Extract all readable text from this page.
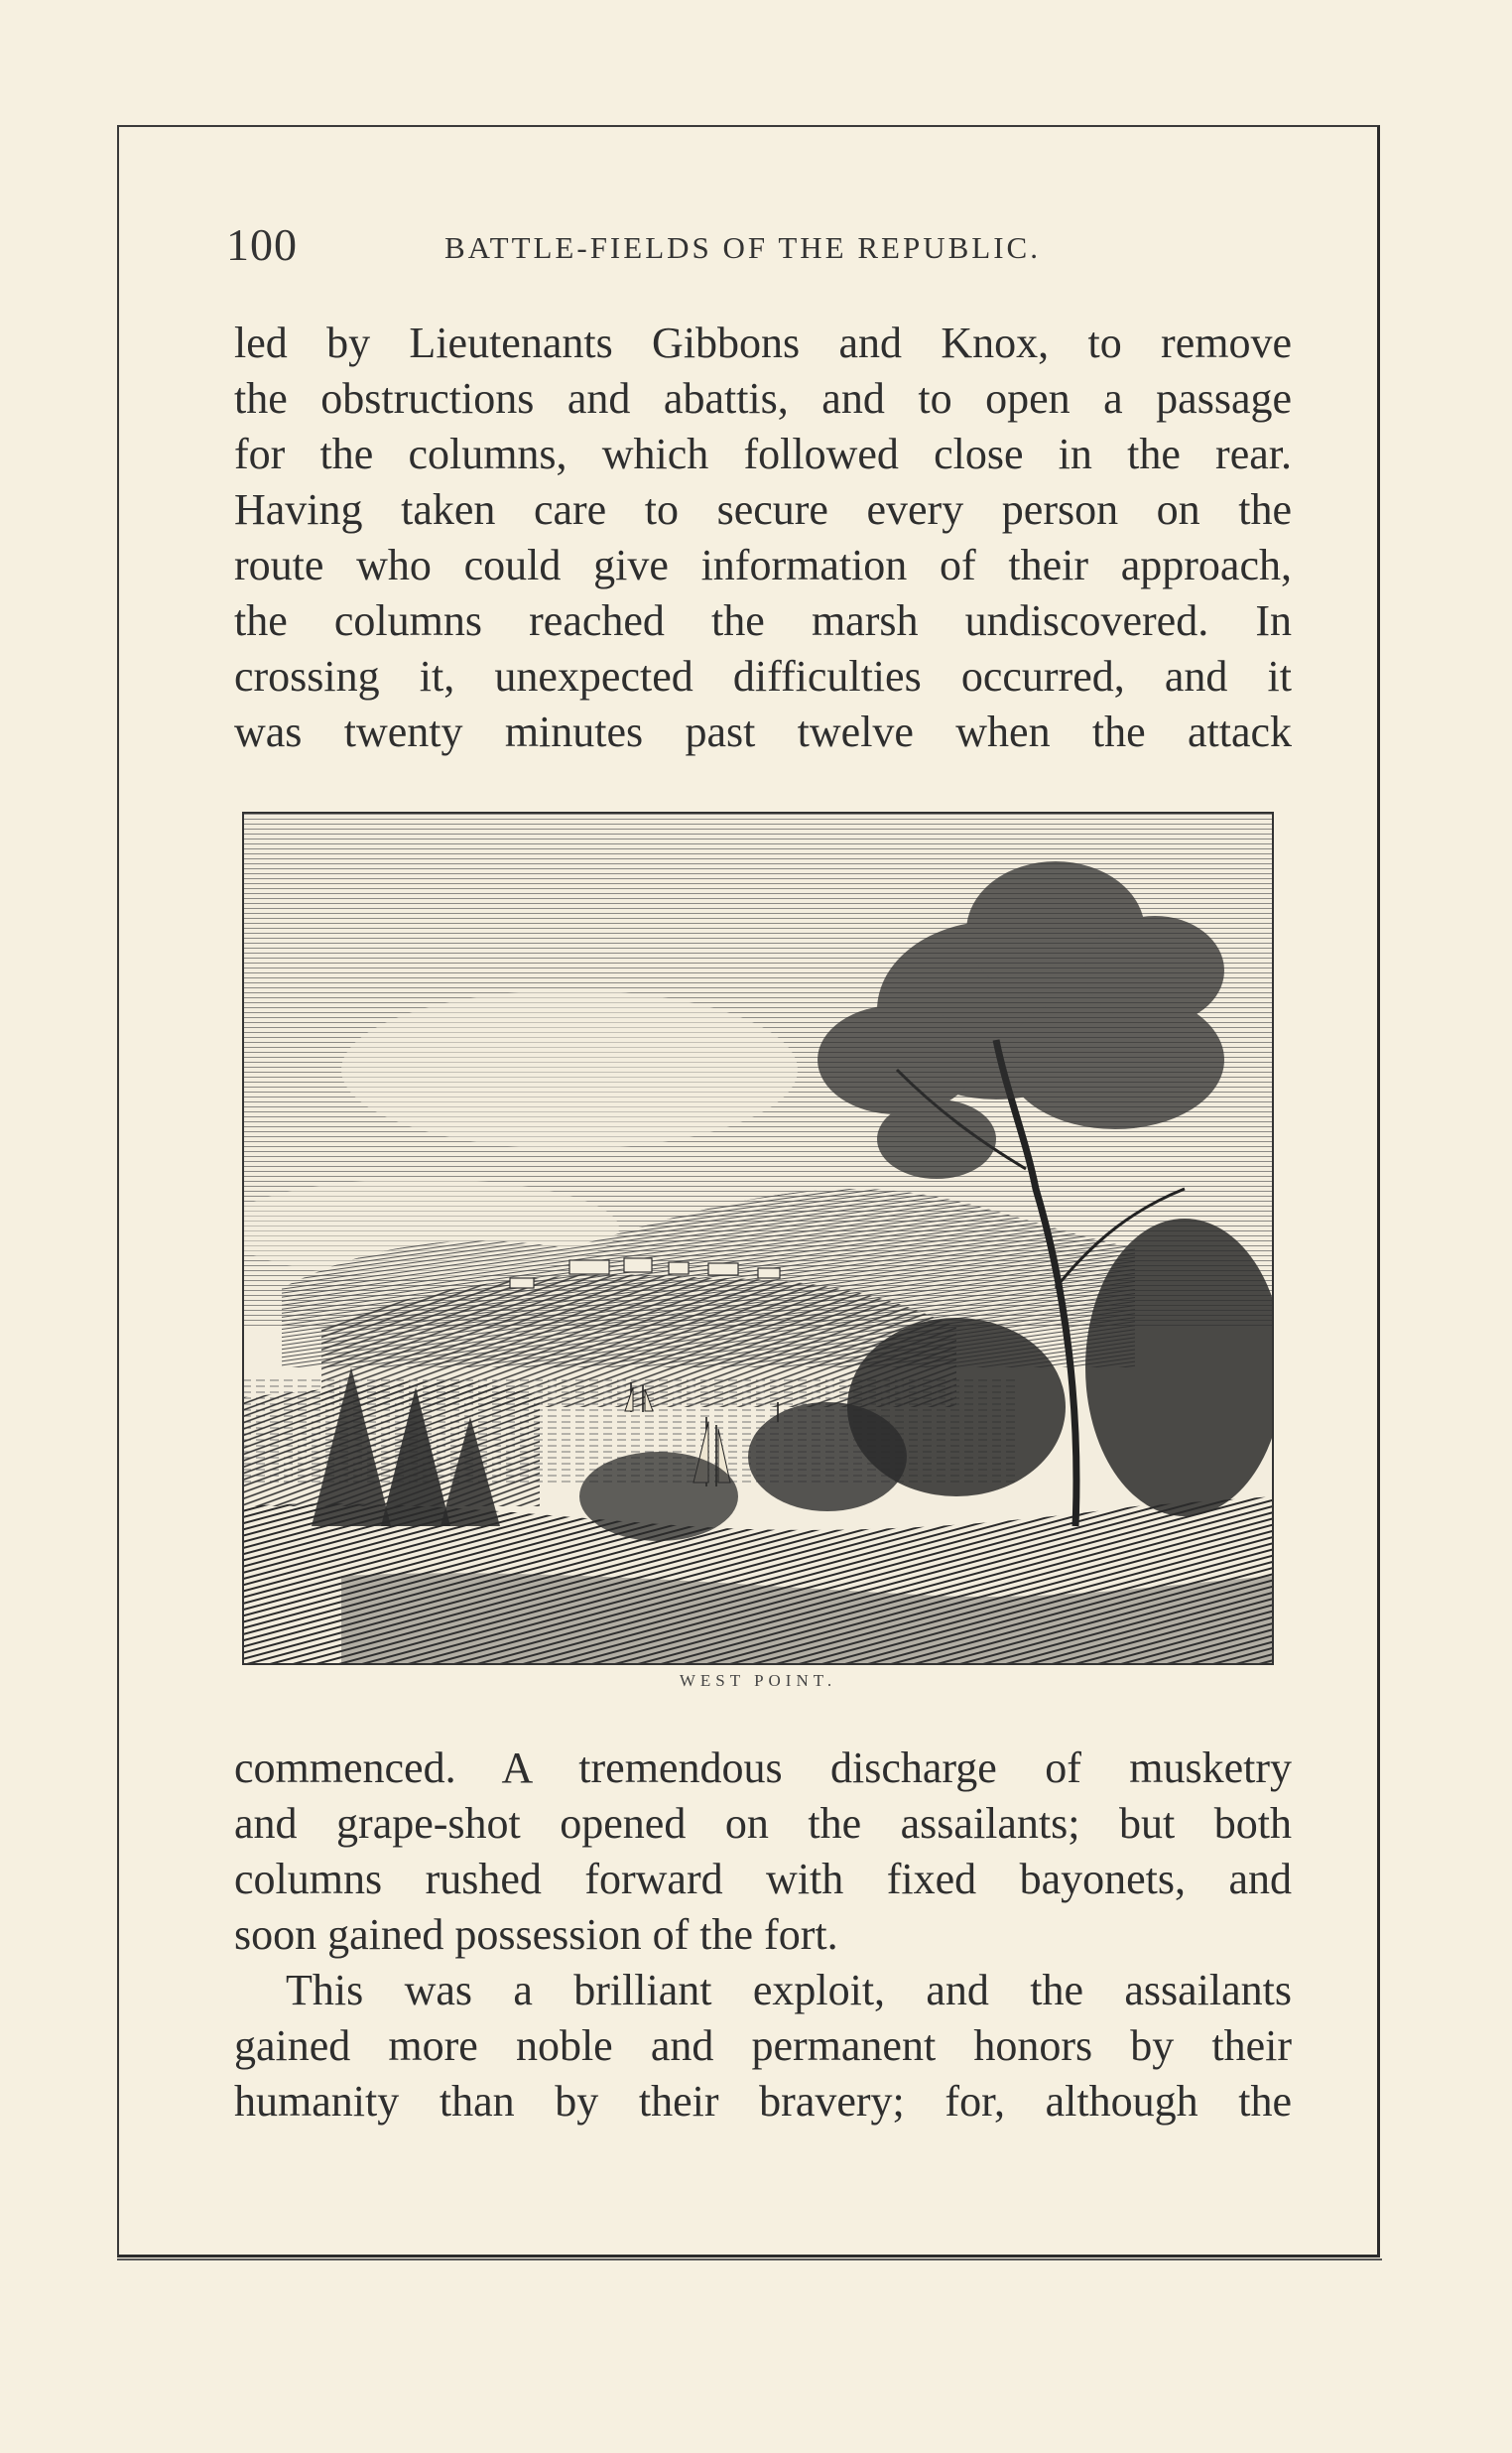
100	BATTLE-FIELDS OF THE REPUBLIC.
led by Lieutenants Gibbons and Knox, to remove
the obstructions and abattis, and to open a passage
for the columns, which followed close in the rear.
Having taken care to secure every person on the
route who could give information of their approach,
the columns reached the marsh undiscovered. In
crossing it, unexpected difficulties occurred, and it
was twenty minutes past twelve when the attack
WEST POINT.
commenced. A tremendous discharge of musketry
and grape-shot opened on the assailants; but both
columns rushed forward with fixed bayonets, and
soon gained possession of the fort.
This was a brilliant exploit, and the assailants
gained more noble and permanent honors by their
humanity than by their bravery; for, although the
